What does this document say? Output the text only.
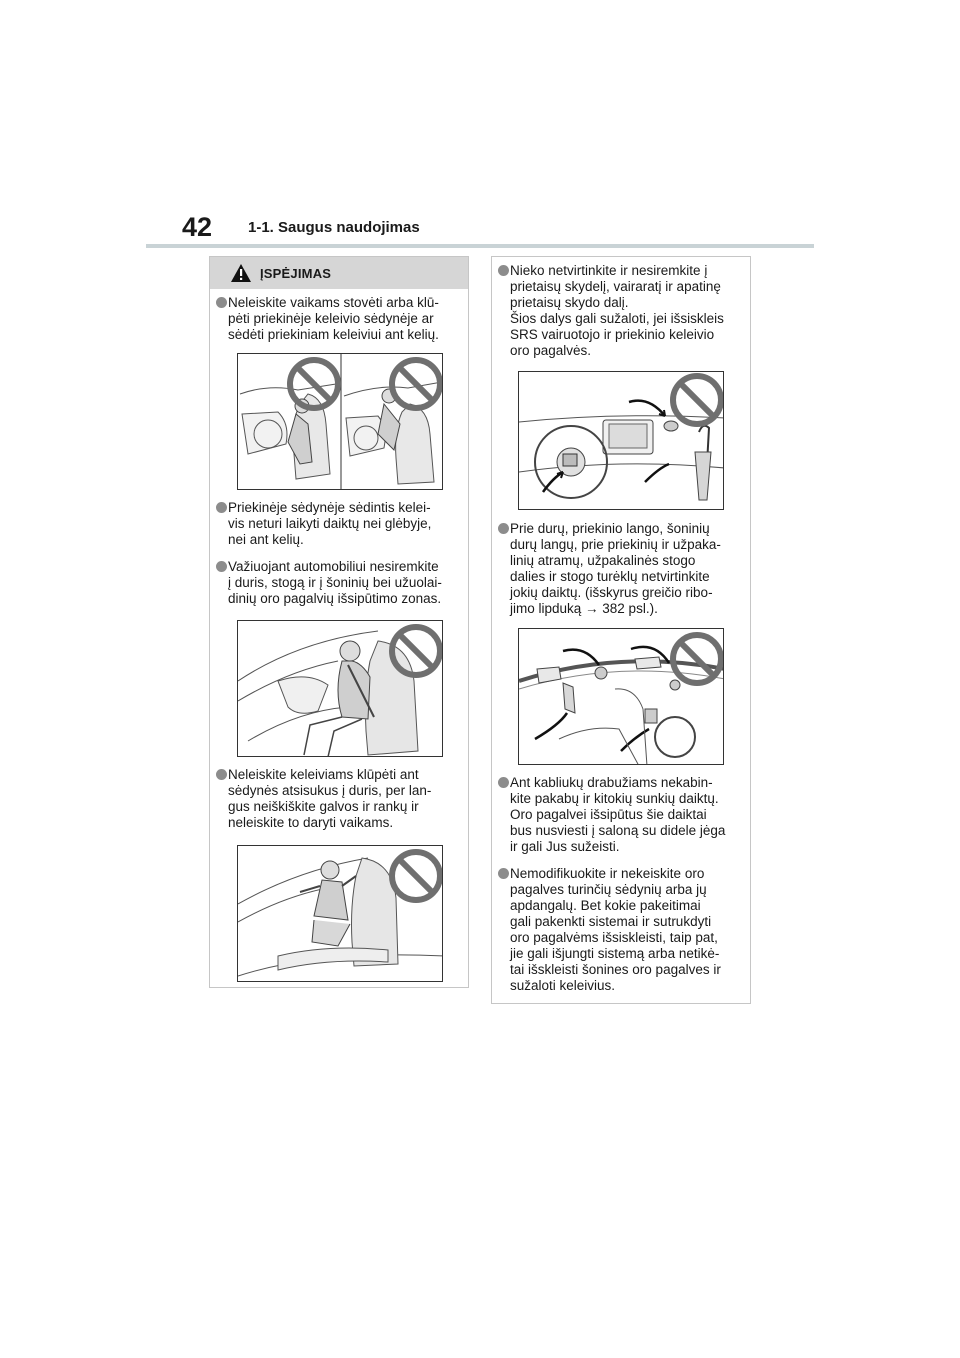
42 1-1. Saugus naudojimas
ĮSPĖJIMAS
Neleiskite vaikams stovėti arba klū-
pėti priekinėje keleivio sėdynėje ar
sėdėti priekiniam keleiviui ant kelių.
Priekinėje sėdynėje sėdintis kelei-
vis neturi laikyti daiktų nei glėbyje,
nei ant kelių.
Važiuojant automobiliui nesiremkite
į duris, stogą ir į šoninių bei užuolai-
dinių oro pagalvių išsipūtimo zonas.
Neleiskite keleiviams klūpėti ant
sėdynės atsisukus į duris, per lan-
gus neiškiškite galvos ir rankų ir
neleiskite to daryti vaikams.
Nieko netvirtinkite ir nesiremkite į
prietaisų skydelį, vairaratį ir apatinę
prietaisų skydo dalį.
Šios dalys gali sužaloti, jei išsiskleis
SRS vairuotojo ir priekinio keleivio
oro pagalvės.
Prie durų, priekinio lango, šoninių
durų langų, prie priekinių ir užpaka-
linių atramų, užpakalinės stogo
dalies ir stogo turėklų netvirtinkite
jokių daiktų. (išskyrus greičio ribo-
jimo lipduką → 382 psl.).
Ant kabliukų drabužiams nekabin-
kite pakabų ir kitokių sunkių daiktų.
Oro pagalvei išsipūtus šie daiktai
bus nusviesti į saloną su didele jėga
ir gali Jus sužeisti.
Nemodifikuokite ir nekeiskite oro
pagalves turinčių sėdynių arba jų
apdangalų. Bet kokie pakeitimai
gali pakenkti sistemai ir sutrukdyti
oro pagalvėms išsiskleisti, taip pat,
jie gali išjungti sistemą arba netikė-
tai išskleisti šonines oro pagalves ir
sužaloti keleivius.
